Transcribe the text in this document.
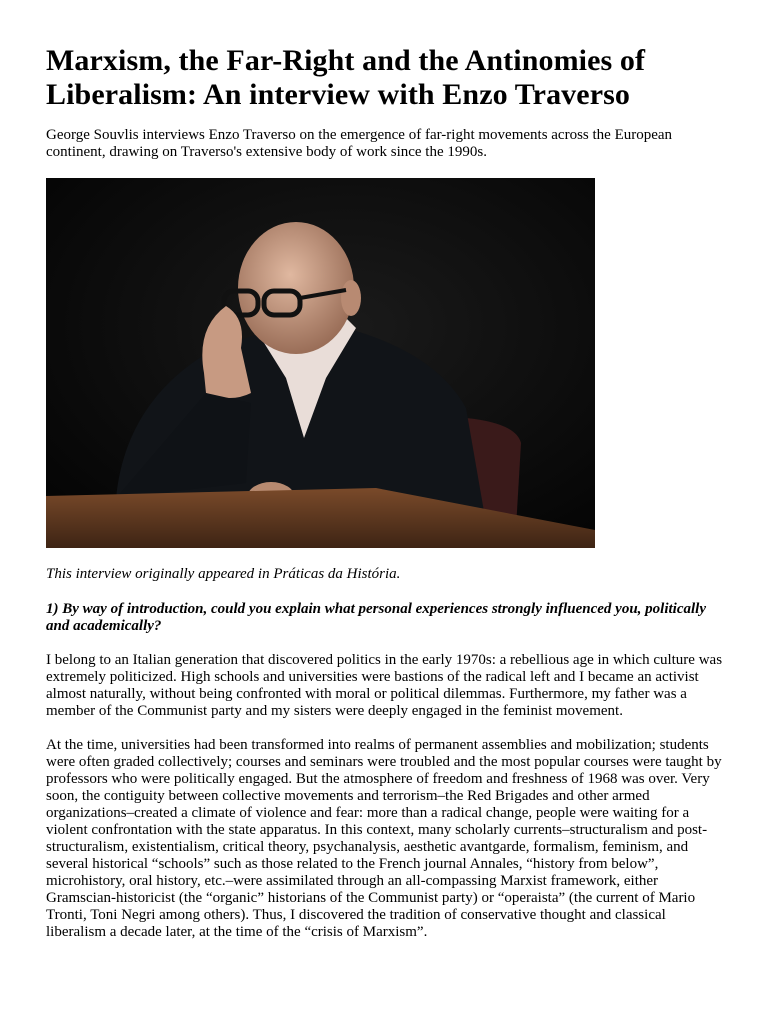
Marxism, the Far-Right and the Antinomies of Liberalism: An interview with Enzo Traverso

George Souvlis interviews Enzo Traverso on the emergence of far-right movements across the European continent, drawing on Traverso's extensive body of work since the 1990s.

This interview originally appeared in Práticas da História.

1) By way of introduction, could you explain what personal experiences strongly influenced you, politically and academically?

I belong to an Italian generation that discovered politics in the early 1970s: a rebellious age in which culture was extremely politicized. High schools and universities were bastions of the radical left and I became an activist almost naturally, without being confronted with moral or political dilemmas. Furthermore, my father was a member of the Communist party and my sisters were deeply engaged in the feminist movement.

At the time, universities had been transformed into realms of permanent assemblies and mobilization; students were often graded collectively; courses and seminars were troubled and the most popular courses were taught by professors who were politically engaged. But the atmosphere of freedom and freshness of 1968 was over. Very soon, the contiguity between collective movements and terrorism–the Red Brigades and other armed organizations–created a climate of violence and fear: more than a radical change, people were waiting for a violent confrontation with the state apparatus. In this context, many scholarly currents–structuralism and post-structuralism, existentialism, critical theory, psychanalysis, aesthetic avantgarde, formalism, feminism, and several historical “schools” such as those related to the French journal Annales, “history from below”, microhistory, oral history, etc.–were assimilated through an all-compassing Marxist framework, either Gramscian-historicist (the “organic” historians of the Communist party) or “operaista” (the current of Mario Tronti, Toni Negri among others). Thus, I discovered the tradition of conservative thought and classical liberalism a decade later, at the time of the “crisis of Marxism”.
